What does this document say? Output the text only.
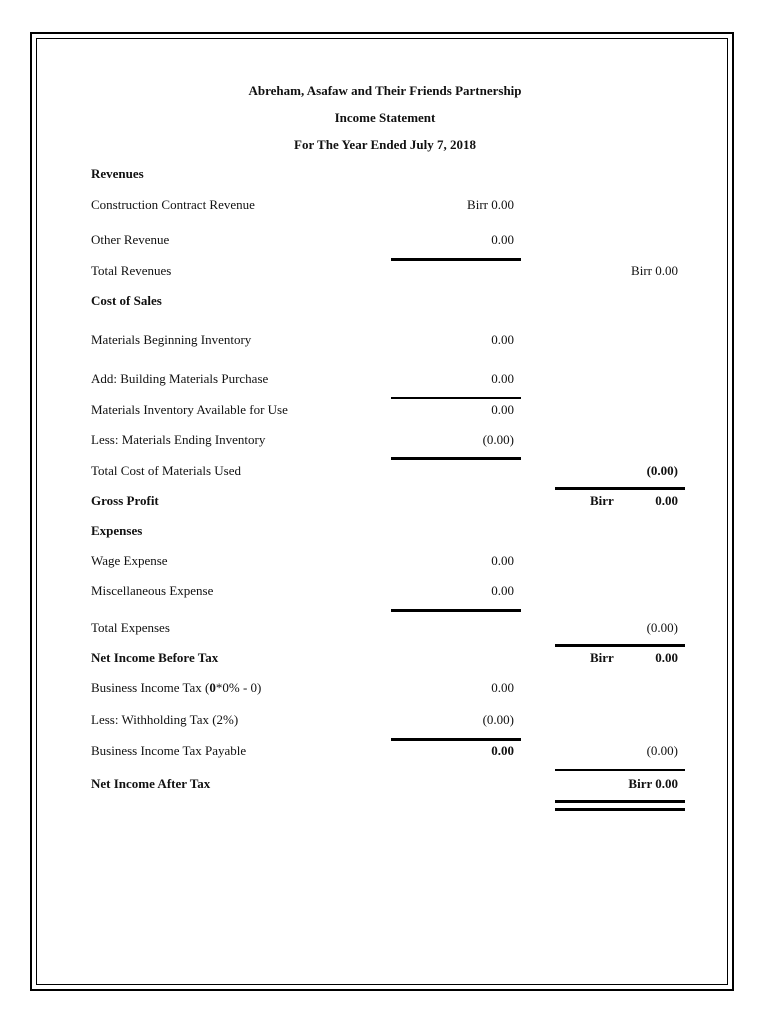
Abreham, Asafaw and Their Friends Partnership
Income Statement
For The Year Ended July 7, 2018
Revenues
Construction Contract Revenue	Birr 0.00
Other Revenue	0.00
Total Revenues	Birr 0.00
Cost of Sales
Materials Beginning Inventory	0.00
Add: Building Materials Purchase	0.00
Materials Inventory Available for Use	0.00
Less: Materials Ending Inventory	(0.00)
Total Cost of Materials Used	(0.00)
Gross Profit	Birr	0.00
Expenses
Wage Expense	0.00
Miscellaneous Expense	0.00
Total Expenses	(0.00)
Net Income Before Tax	Birr	0.00
Business Income Tax (0*0% - 0)	0.00
Less: Withholding Tax (2%)	(0.00)
Business Income Tax Payable	0.00	(0.00)
Net Income After Tax	Birr 0.00
